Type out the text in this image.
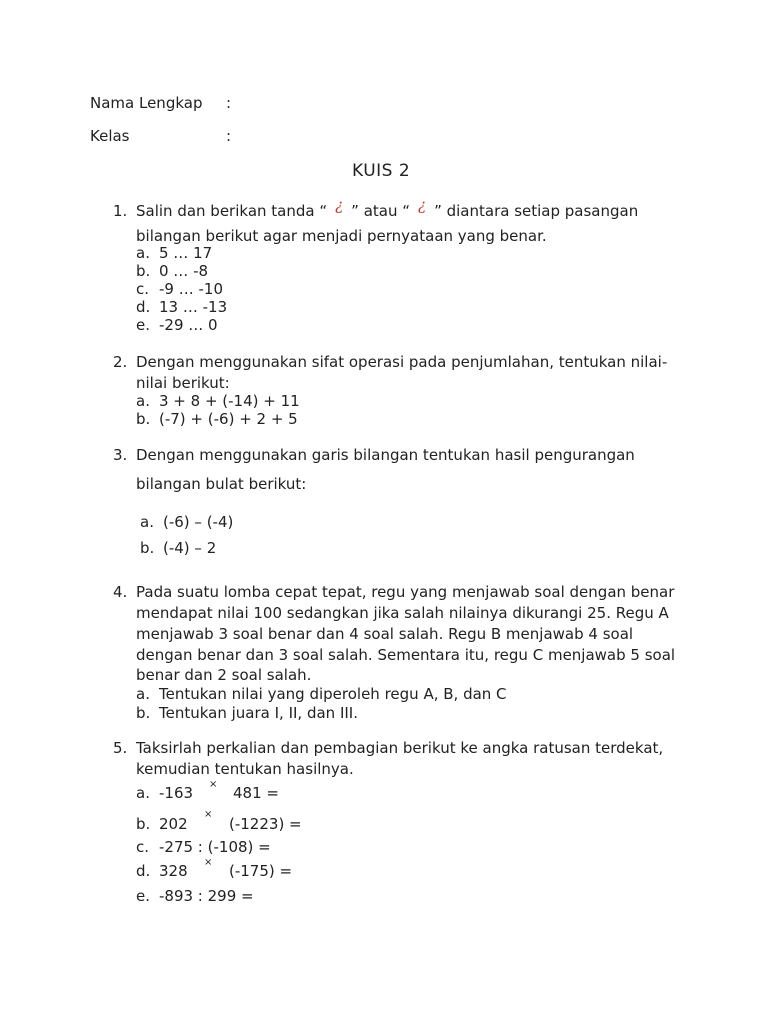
Nama Lengkap :
Kelas	:
KUIS 2
1. Salin dan berikan tanda “ ¿ ” atau “ ¿ ” diantara setiap pasangan
bilangan berikut agar menjadi pernyataan yang benar.
a. 5 … 17
b. 0 … -8
c. -9 … -10
d. 13 … -13
e. -29 … 0
2. Dengan menggunakan sifat operasi pada penjumlahan, tentukan nilai-
nilai berikut:
a. 3 + 8 + (-14) + 11
b. (-7) + (-6) + 2 + 5
3. Dengan menggunakan garis bilangan tentukan hasil pengurangan
bilangan bulat berikut:
a. (-6) – (-4)
b. (-4) – 2
4. Pada suatu lomba cepat tepat, regu yang menjawab soal dengan benar
mendapat nilai 100 sedangkan jika salah nilainya dikurangi 25. Regu A
menjawab 3 soal benar dan 4 soal salah. Regu B menjawab 4 soal
dengan benar dan 3 soal salah. Sementara itu, regu C menjawab 5 soal
benar dan 2 soal salah.
a. Tentukan nilai yang diperoleh regu A, B, dan C
b. Tentukan juara I, II, dan III.
5. Taksirlah perkalian dan pembagian berikut ke angka ratusan terdekat,
kemudian tentukan hasilnya.
a. -163 × 481 =
b. 202
×
(-1223) =
c. -275 : (-108) =
d. 328 × (-175) =
e. -893 : 299 =
